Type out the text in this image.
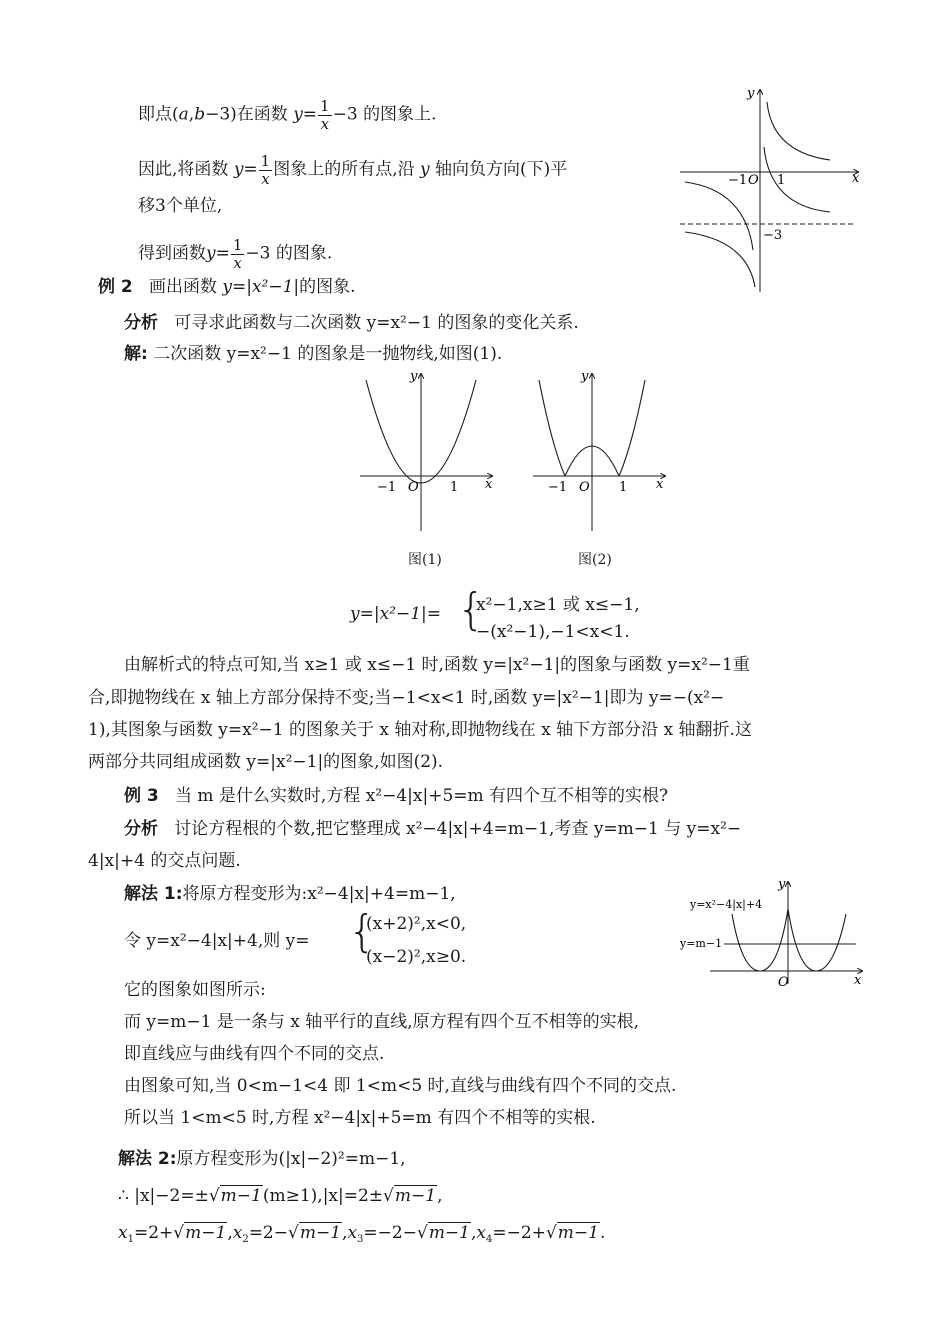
即点(a,b−3)在函数 $y= \frac{1}{x} -3$ 的图象上.
因此,将函数 $y= \frac{1}{x}$ 图象上的所有点,沿 y 轴向负方向(下)平
移3个单位,
得到函数$y= \frac{1}{x} -3$ 的图象.
y
x
−1 O 1
−3
例 2 画出函数 y=|x²−1|的图象.
分析 可寻求此函数与二次函数 y=x²−1 的图象的变化关系.
解: 二次函数 y=x²−1 的图象是一抛物线,如图(1).
y
x
−1 O 1
图(1)
y
x
−1 O 1
图(2)
y=|x²−1|= {
x²−1,x≥1 或 x≤−1,
−(x²−1),−1<x<1.
由解析式的特点可知,当 x≥1 或 x≤−1 时,函数 y=|x²−1|的图象与函数 y=x²−1重
合,即抛物线在 x 轴上方部分保持不变;当−1<x<1 时,函数 y=|x²−1|即为 y=−(x²−
1),其图象与函数 y=x²−1 的图象关于 x 轴对称,即抛物线在 x 轴下方部分沿 x 轴翻折.这
两部分共同组成函数 y=|x²−1|的图象,如图(2).
例 3 当 m 是什么实数时,方程 x²−4|x|+5=m 有四个互不相等的实根?
分析 讨论方程根的个数,把它整理成 x²−4|x|+4=m−1,考查 y=m−1 与 y=x²−
4|x|+4 的交点问题.
解法 1:将原方程变形为:x²−4|x|+4=m−1,
令 y=x²−4|x|+4,则 y= {
(x+2)²,x<0,
(x−2)²,x≥0.
它的图象如图所示:
而 y=m−1 是一条与 x 轴平行的直线,原方程有四个互不相等的实根,
即直线应与曲线有四个不同的交点.
由图象可知,当 0<m−1<4 即 1<m<5 时,直线与曲线有四个不同的交点.
所以当 1<m<5 时,方程 x²−4|x|+5=m 有四个不相等的实根.
y=x²−4|x|+4
y=m−1
y
x
O
解法 2:原方程变形为(|x|−2)²=m−1,
∴ |x|−2=±√m−1(m≥1),|x|=2±√m−1,
$x_1=2+√m-1,x_2=2-√m-1,x_3=-2-√m-1,x_4=-2+√m-1$.
